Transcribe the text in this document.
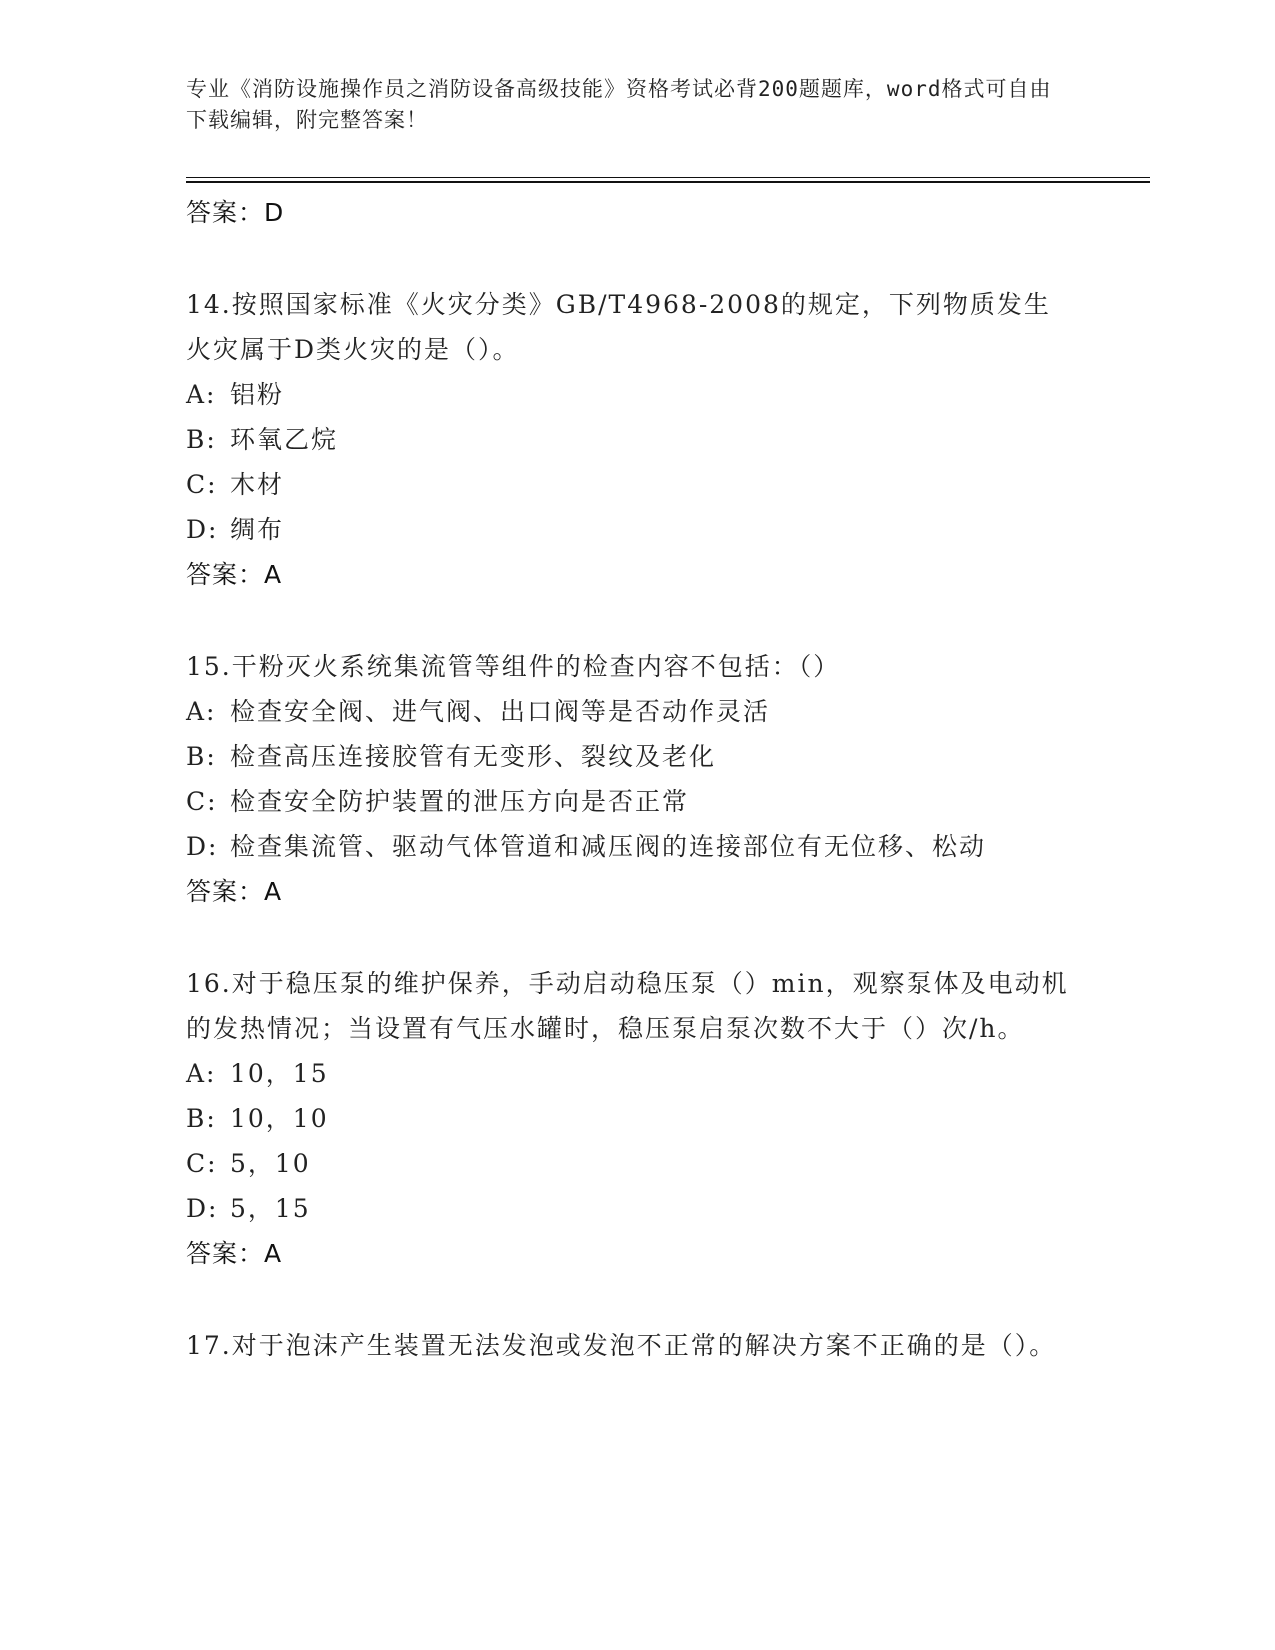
专业《消防设施操作员之消防设备高级技能》资格考试必背200题题库，word格式可自由下载编辑，附完整答案！
答案：D
14.按照国家标准《火灾分类》GB/T4968-2008的规定，下列物质发生火灾属于D类火灾的是（）。
A: 铝粉
B: 环氧乙烷
C: 木材
D: 绸布
答案：A
15.干粉灭火系统集流管等组件的检查内容不包括：（）
A: 检查安全阀、进气阀、出口阀等是否动作灵活
B: 检查高压连接胶管有无变形、裂纹及老化
C: 检查安全防护装置的泄压方向是否正常
D: 检查集流管、驱动气体管道和减压阀的连接部位有无位移、松动
答案：A
16.对于稳压泵的维护保养，手动启动稳压泵（）min，观察泵体及电动机的发热情况；当设置有气压水罐时，稳压泵启泵次数不大于（）次/h。
A: 10，15
B: 10，10
C: 5，10
D: 5，15
答案：A
17.对于泡沫产生装置无法发泡或发泡不正常的解决方案不正确的是（）。
